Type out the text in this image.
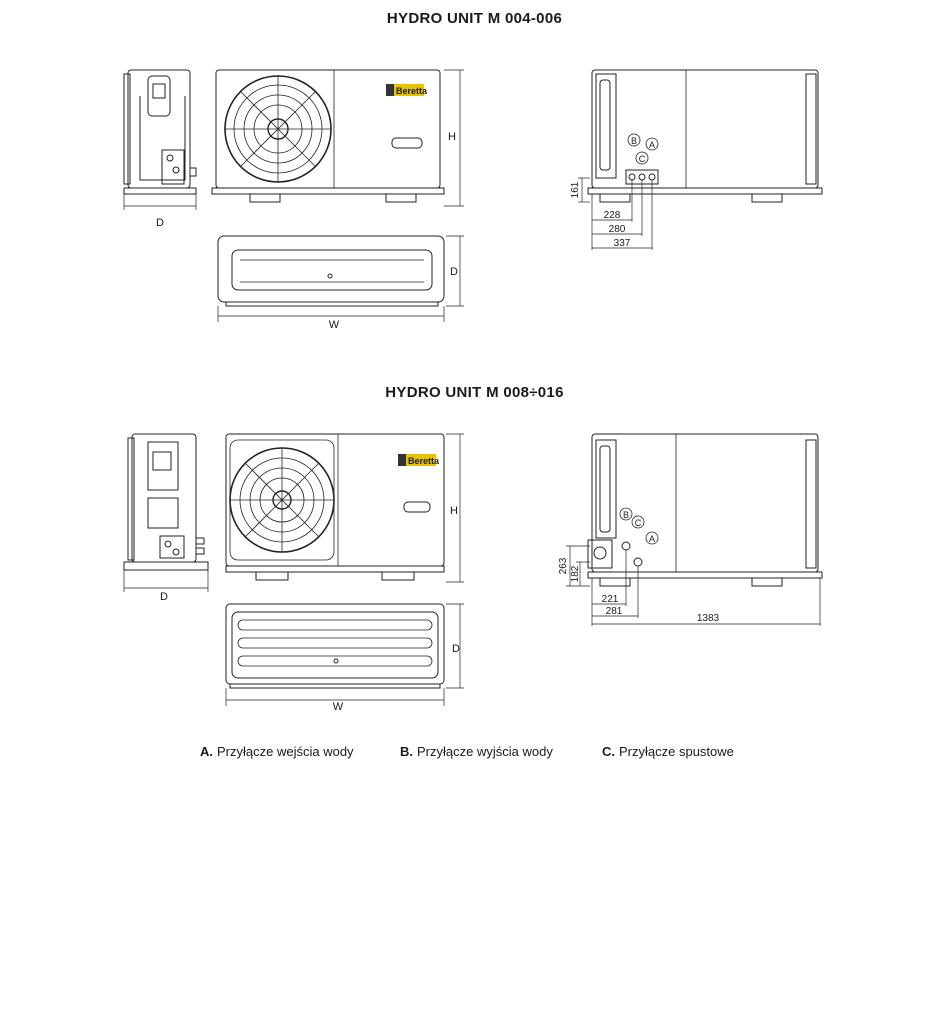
HYDRO UNIT M 004-006
HYDRO UNIT M 008÷016
D
Beretta
H
W
D
B A
C
161
228
280
337
D
Beretta
H
W
D
B
C
A
263 182
221
281
1383
A. Przyłącze wejścia wody	B. Przyłącze wyjścia wody	C. Przyłącze spustowe
